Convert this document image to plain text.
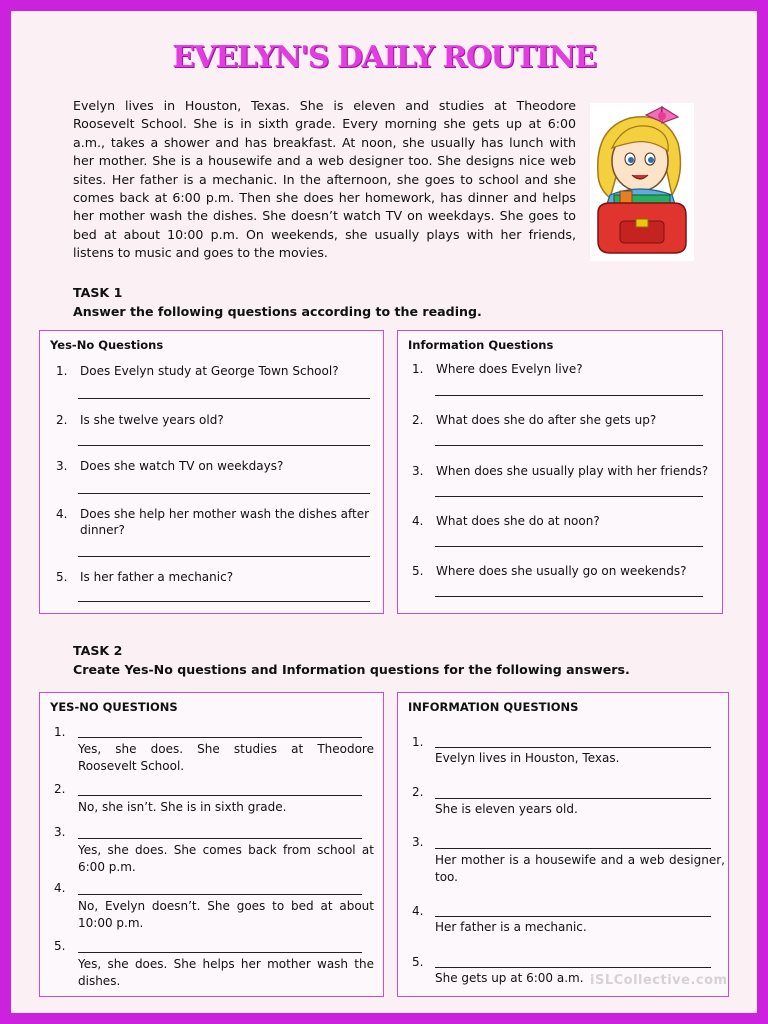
EVELYN'S DAILY ROUTINE
Evelyn lives in Houston, Texas. She is eleven and studies at Theodore Roosevelt School. She is in sixth grade. Every morning she gets up at 6:00 a.m., takes a shower and has breakfast. At noon, she usually has lunch with her mother. She is a housewife and a web designer too. She designs nice web sites. Her father is a mechanic. In the afternoon, she goes to school and she comes back at 6:00 p.m. Then she does her homework, has dinner and helps her mother wash the dishes. She doesn’t watch TV on weekdays. She goes to bed at about 10:00 p.m. On weekends, she usually plays with her friends, listens to music and goes to the movies.
TASK 1
Answer the following questions according to the reading.
Yes-No Questions
1. Does Evelyn study at George Town School?
2. Is she twelve years old?
3. Does she watch TV on weekdays?
4. Does she help her mother wash the dishes after dinner?
5. Is her father a mechanic?
Information Questions
1. Where does Evelyn live?
2. What does she do after she gets up?
3. When does she usually play with her friends?
4. What does she do at noon?
5. Where does she usually go on weekends?
TASK 2
Create Yes-No questions and Information questions for the following answers.
YES-NO QUESTIONS
1.
Yes, she does. She studies at Theodore Roosevelt School.
2.
No, she isn’t. She is in sixth grade.
3.
Yes, she does. She comes back from school at 6:00 p.m.
4.
No, Evelyn doesn’t. She goes to bed at about 10:00 p.m.
5.
Yes, she does. She helps her mother wash the dishes.
INFORMATION QUESTIONS
1.
Evelyn lives in Houston, Texas.
2.
She is eleven years old.
3.
Her mother is a housewife and a web designer, too.
4.
Her father is a mechanic.
5.
She gets up at 6:00 a.m. iSLCollective.com
